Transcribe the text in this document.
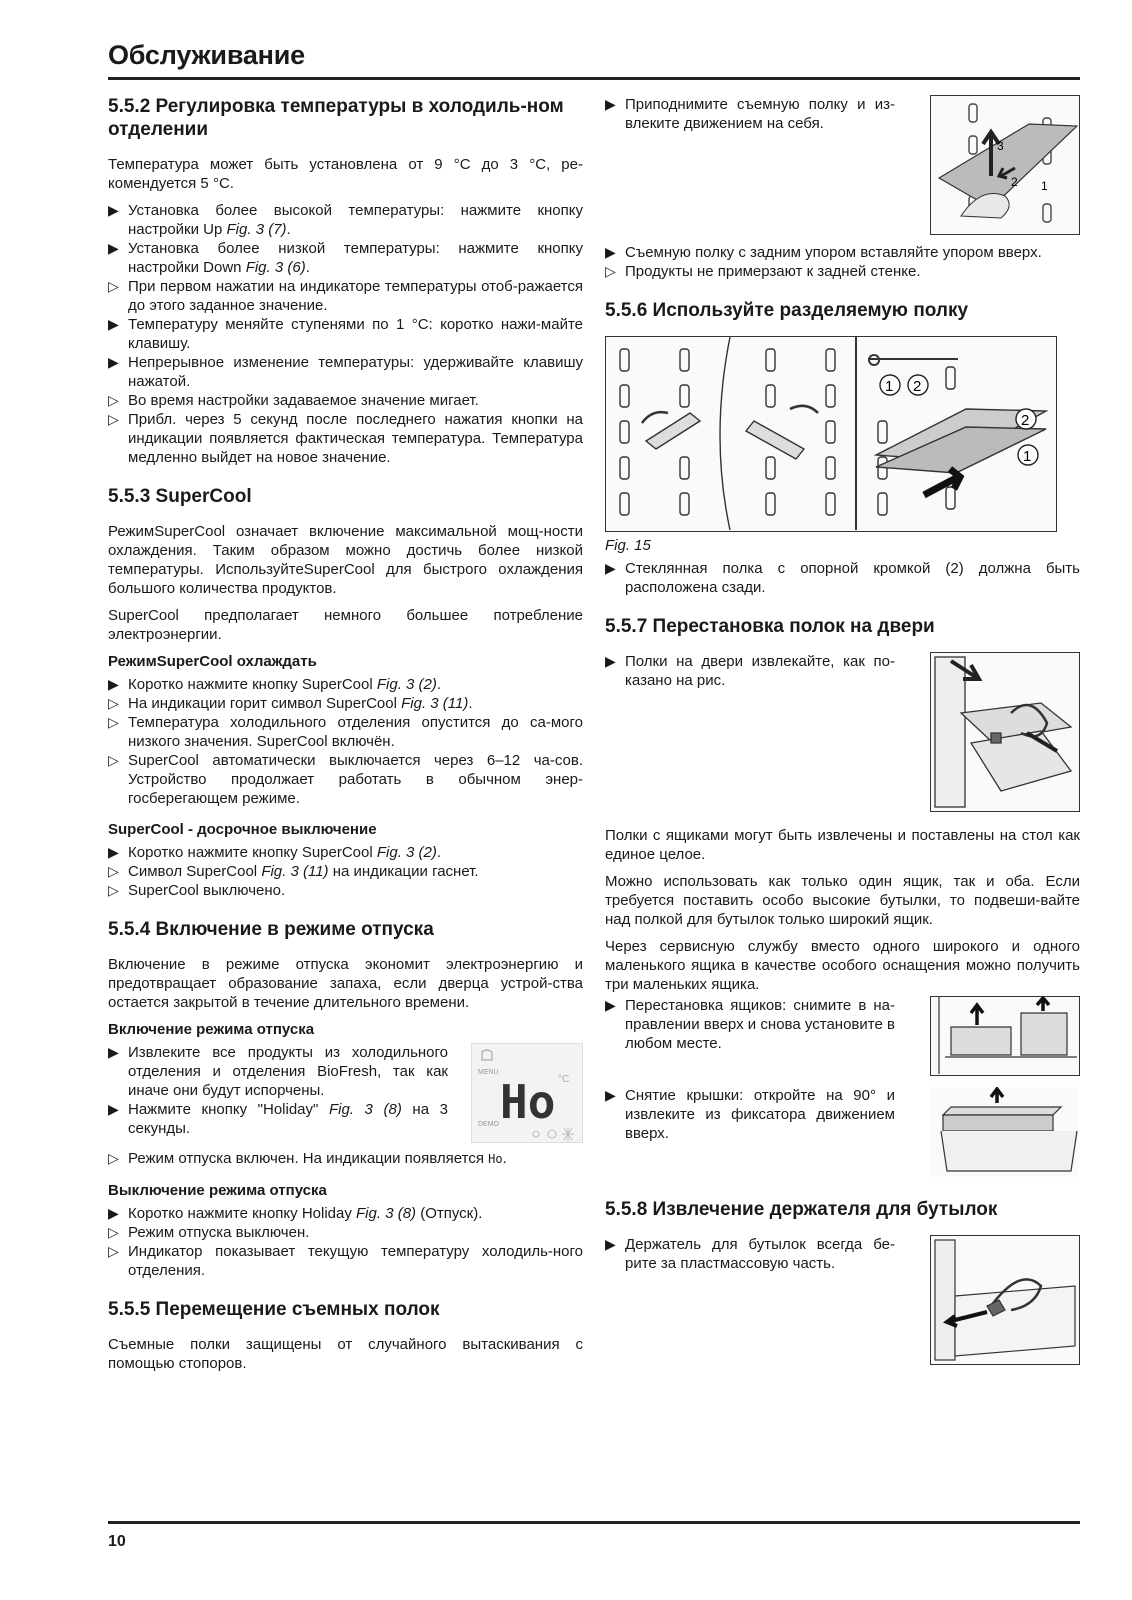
Обслуживание
5.5.2 Регулировка температуры в холодиль-ном отделении

Температура может быть установлена от 9 °C до 3 °C, ре-комендуется 5 °C.

▶ Установка более высокой температуры: нажмите кнопку настройки Up Fig. 3 (7).
▶ Установка более низкой температуры: нажмите кнопку настройки Down Fig. 3 (6).
▷ При первом нажатии на индикаторе температуры отоб-ражается до этого заданное значение.
▶ Температуру меняйте ступенями по 1 °C: коротко нажи-майте клавишу.
▶ Непрерывное изменение температуры: удерживайте клавишу нажатой.
▷ Во время настройки задаваемое значение мигает.
▷ Прибл. через 5 секунд после последнего нажатия кнопки на индикации появляется фактическая температура. Температура медленно выйдет на новое значение.
5.5.3 SuperCool

РежимSuperCool означает включение максимальной мощ-ности охлаждения. Таким образом можно достичь более низкой температуры. ИспользуйтеSuperCool для быстрого охлаждения большого количества продуктов.

SuperCool предполагает немного большее потребление электроэнергии.

РежимSuperCool охлаждать
▶ Коротко нажмите кнопку SuperCool Fig. 3 (2).
▷ На индикации горит символ SuperCool Fig. 3 (11).
▷ Температура холодильного отделения опустится до са-мого низкого значения. SuperCool включён.
▷ SuperCool автоматически выключается через 6–12 ча-сов. Устройство продолжает работать в обычном энер-госберегающем режиме.
SuperCool - досрочное выключение
▶ Коротко нажмите кнопку SuperCool Fig. 3 (2).
▷ Символ SuperCool Fig. 3 (11) на индикации гаснет.
▷ SuperCool выключено.
5.5.4 Включение в режиме отпуска

Включение в режиме отпуска экономит электроэнергию и предотвращает образование запаха, если дверца устрой-ства остается закрытой в течение длительного времени.

Включение режима отпуска
▶ Извлеките все продукты из холодильного отделения и отделения BioFresh, так как иначе они будут испорчены.
▶ Нажмите кнопку "Holiday" Fig. 3 (8) на 3 секунды.
MENU
DEMO
°C
Ho
▷ Режим отпуска включен. На индикации появляется Ho.
Выключение режима отпуска
▶ Коротко нажмите кнопку Holiday Fig. 3 (8) (Отпуск).
▷ Режим отпуска выключен.
▷ Индикатор показывает текущую температуру холодиль-ного отделения.
5.5.5 Перемещение съемных полок

Съемные полки защищены от случайного вытаскивания с помощью стопоров.

▶ Приподнимите съемную полку и из-влеките движением на себя.
3
2 1
▶ Съемную полку с задним упором вставляйте упором вверх.
▷ Продукты не примерзают к задней стенке.
5.5.6 Используйте разделяемую полку
1 2
2
1
Fig. 15
▶ Стеклянная полка с опорной кромкой (2) должна быть расположена сзади.
5.5.7 Перестановка полок на двери
▶ Полки на двери извлекайте, как по-казано на рис.

Полки с ящиками могут быть извлечены и поставлены на стол как единое целое.

Можно использовать как только один ящик, так и оба. Если требуется поставить особо высокие бутылки, то подвеши-вайте над полкой для бутылок только широкий ящик.

Через сервисную службу вместо одного широкого и одного маленького ящика в качестве особого оснащения можно получить три маленьких ящика.

▶ Перестановка ящиков: снимите в на-правлении вверх и снова установите в любом месте.
▶ Снятие крышки: откройте на 90° и извлеките из фиксатора движением вверх.
5.5.8 Извлечение держателя для бутылок
▶ Держатель для бутылок всегда бе-рите за пластмассовую часть.
10
